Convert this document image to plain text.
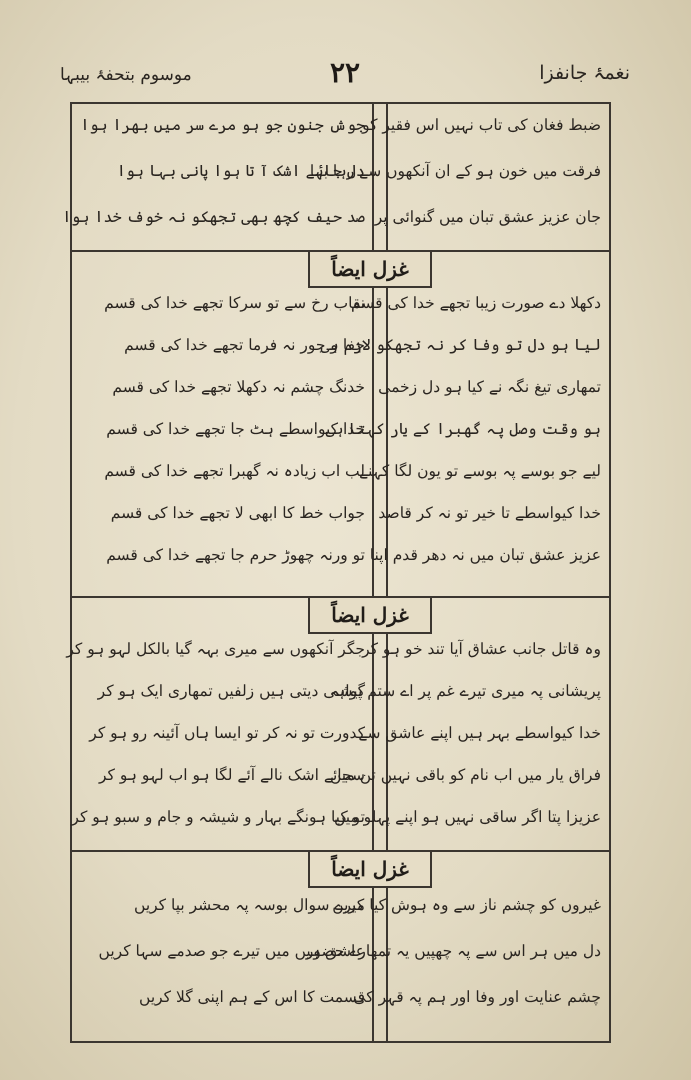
نغمۂ جانفزا
۲۲
موسوم بتحفۂ بیبہا
ضبط فغان کی تاب نہیں اس فقیر کو
فرقت میں خون ہو کے ان آنکھوں سے رہا بہا
جان عزیز عشق تبان میں گنوائی پر
جوش جنون جو ہو مرے سر میں بھرا ہوا
دل جائے اشک آ تا ہوا پانی بہا ہوا
صد حیف کچھ بھی تجھکو نہ خوف خدا ہوا
غزل ایضاً
دکھلا دے صورت زیبا تجھے خدا کی قسم
لیا ہو دل تو وفا کر نہ تجھکو لازم ہی
تمھاری تیغ نگہ نے کیا ہو دل زخمی
ہو وقت وصل پہ گھبرا کے یار کہتا ہی
لیے جو بوسے پہ بوسے تو یون لگا کہنے
خدا کیواسطے تا خیر تو نہ کر قاصد
عزیز عشق تبان میں نہ دھر قدم اپنا
نقاب رخ سے تو سرکا تجھے خدا کی قسم
جفا و جور نہ فرما تجھے خدا کی قسم
خدنگ چشم نہ دکھلا تجھے خدا کی قسم
خدا کیواسطے ہٹ جا تجھے خدا کی قسم
لب اب زیادہ نہ گھبرا تجھے خدا کی قسم
جواب خط کا ابھی لا تجھے خدا کی قسم
تو ورنہ چھوڑ حرم جا تجھے خدا کی قسم
غزل ایضاً
وہ قاتل جانب عشاق آیا تند خو ہو کر
پریشانی پہ میری تیرے غم پر اے ستم پیشہ
خدا کیواسطے بہر ہیں اپنے عاشق سے
فراق یار میں اب نام کو باقی نہیں تن میں
عزیزا پتا اگر ساقی نہیں ہو اپنے پہلو میں
جگر آنکھوں سے میری بہہ گیا بالکل لہو ہو کر
گواہی دیتی ہیں زلفیں تمھاری ایک ہو کر
کدورت تو نہ کر تو ایسا ہاں آئینہ رو ہو کر
سجائے اشک نالے آئے لگا ہو اب لہو ہو کر
تو کیا ہونگے بہار و شیشہ و جام و سبو ہو کر
غزل ایضاً
غیروں کو چشم ناز سے وہ ہوش کیا کریں
دل میں ہر اس سے پہ چھپیں یہ تمھارے حضور
چشم عنایت اور وفا اور ہم پہ قہر کی
میرے سوال بوسہ پہ محشر بپا کریں
عاشق ہیں میں تیرے جو صدمے سہا کریں
قسمت کا اس کے ہم اپنی گلا کریں
